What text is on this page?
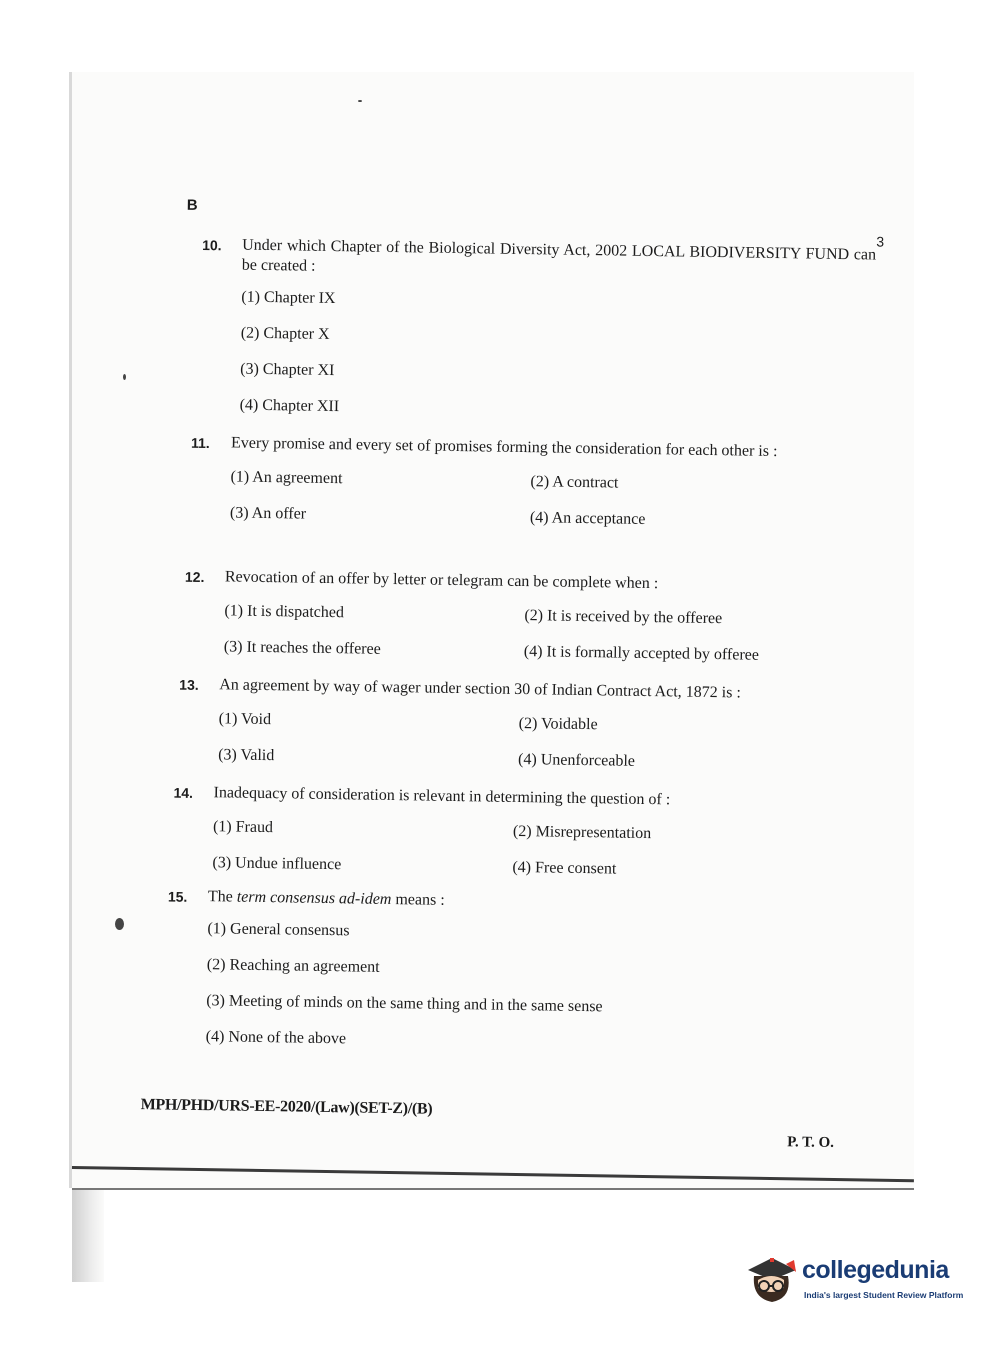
B
3
10. Under which Chapter of the Biological Diversity Act, 2002 LOCAL BIODIVERSITY FUND can be created :
(1) Chapter IX
(2) Chapter X
(3) Chapter XI
(4) Chapter XII
11. Every promise and every set of promises forming the consideration for each other is :
(1) An agreement	(2) A contract
(3) An offer	(4) An acceptance
12. Revocation of an offer by letter or telegram can be complete when :
(1) It is dispatched	(2) It is received by the offeree
(3) It reaches the offeree	(4) It is formally accepted by offeree
13. An agreement by way of wager under section 30 of Indian Contract Act, 1872 is :
(1) Void	(2) Voidable
(3) Valid	(4) Unenforceable
14. Inadequacy of consideration is relevant in determining the question of :
(1) Fraud	(2) Misrepresentation
(3) Undue influence	(4) Free consent
15. The term consensus ad-idem means :
(1) General consensus
(2) Reaching an agreement
(3) Meeting of minds on the same thing and in the same sense
(4) None of the above
MPH/PHD/URS-EE-2020/(Law)(SET-Z)/(B)
P. T. O.
collegedunia
India's largest Student Review Platform
